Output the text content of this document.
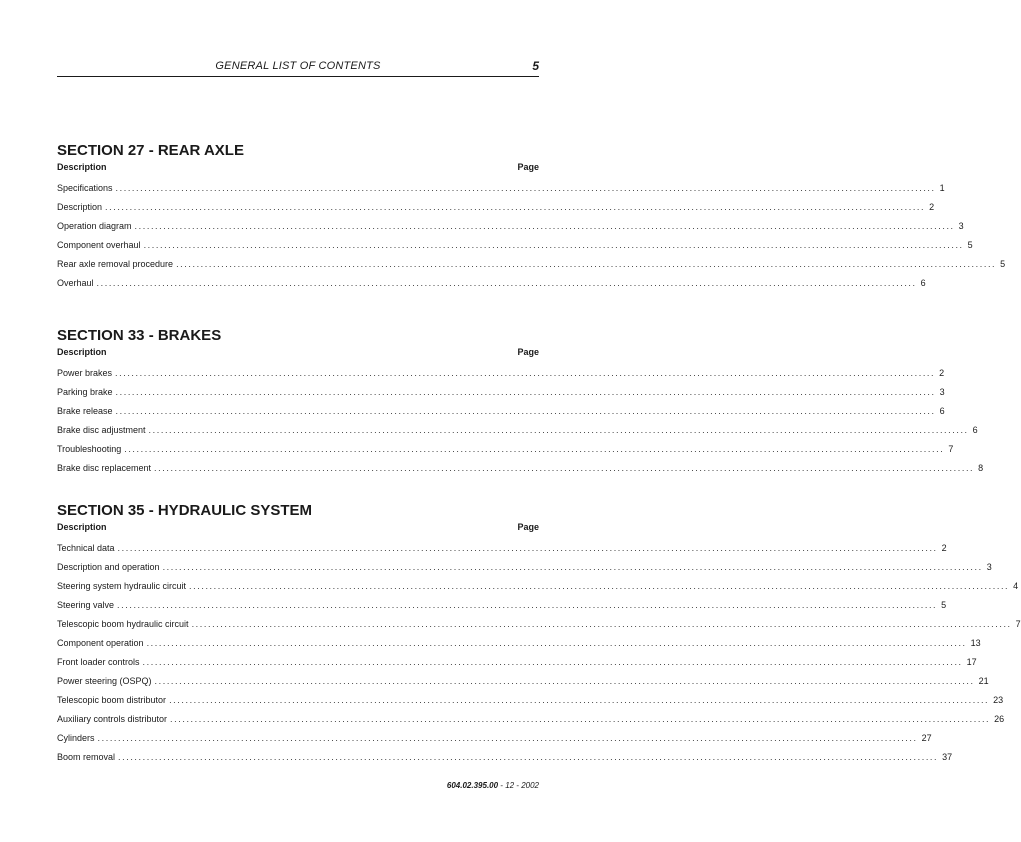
GENERAL LIST OF CONTENTS	5
SECTION 27 - REAR AXLE
Description	Page
Specifications ........................................................................................................................................................................................................ 1
Description ........................................................................................................................................................................................................ 2
Operation diagram ........................................................................................................................................................................................................ 3
Component overhaul ........................................................................................................................................................................................................ 5
Rear axle removal procedure ........................................................................................................................................................................................................ 5
Overhaul ........................................................................................................................................................................................................ 6
SECTION 33 - BRAKES
Description	Page
Power brakes ........................................................................................................................................................................................................ 2
Parking brake ........................................................................................................................................................................................................ 3
Brake release ........................................................................................................................................................................................................ 6
Brake disc adjustment ........................................................................................................................................................................................................ 6
Troubleshooting ........................................................................................................................................................................................................ 7
Brake disc replacement ........................................................................................................................................................................................................ 8
SECTION 35 - HYDRAULIC SYSTEM
Description	Page
Technical data ........................................................................................................................................................................................................ 2
Description and operation ........................................................................................................................................................................................................ 3
Steering system hydraulic circuit ........................................................................................................................................................................................................ 4
Steering valve ........................................................................................................................................................................................................ 5
Telescopic boom hydraulic circuit ........................................................................................................................................................................................................ 7
Component operation ........................................................................................................................................................................................................ 13
Front loader controls ........................................................................................................................................................................................................ 17
Power steering (OSPQ) ........................................................................................................................................................................................................ 21
Telescopic boom distributor ........................................................................................................................................................................................................ 23
Auxiliary controls distributor ........................................................................................................................................................................................................ 26
Cylinders ........................................................................................................................................................................................................ 27
Boom removal ........................................................................................................................................................................................................ 37
604.02.395.00 - 12 - 2002
